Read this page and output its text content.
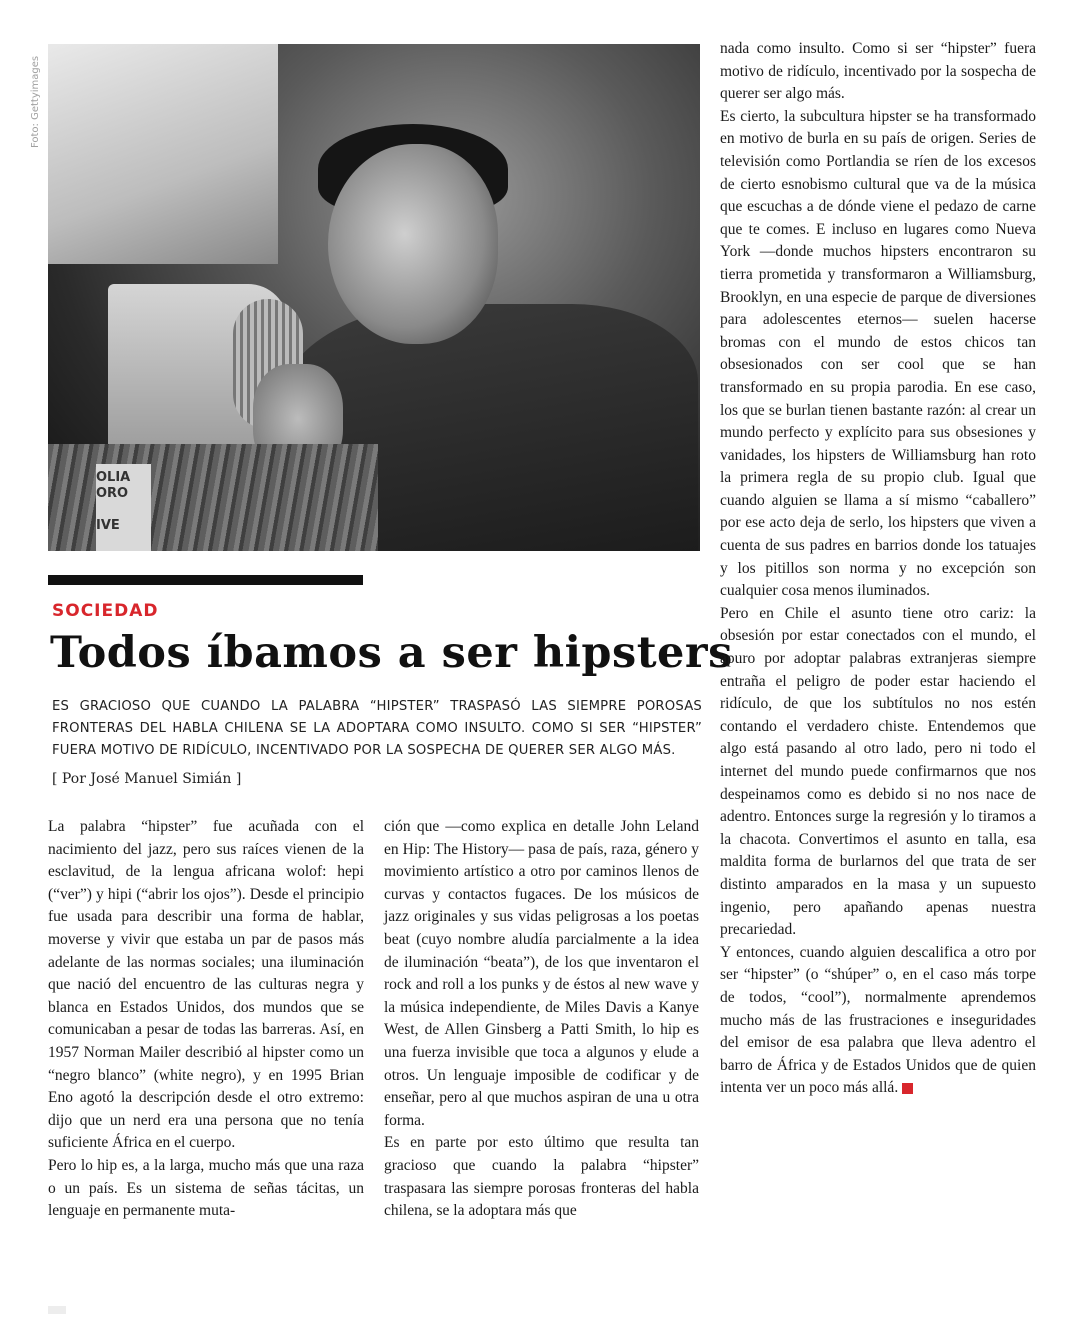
Foto: Gettyimages
OLIA
ORO

IVE
SOCIEDAD
Todos íbamos a ser hipsters
ES GRACIOSO QUE CUANDO LA PALABRA “HIPSTER” TRASPASÓ LAS SIEMPRE POROSAS FRONTERAS DEL HABLA CHILENA SE LA ADOPTARA COMO INSULTO. COMO SI SER “HIPSTER” FUERA MOTIVO DE RIDÍCULO, INCENTIVADO POR LA SOSPECHA DE QUERER SER ALGO MÁS.
[ Por José Manuel Simián ]

La palabra “hipster” fue acuñada con el nacimiento del jazz, pero sus raíces vienen de la esclavitud, de la lengua africana wolof: hepi (“ver”) y hipi (“abrir los ojos”). Desde el principio fue usada para describir una forma de hablar, moverse y vivir que estaba un par de pasos más adelante de las normas sociales; una iluminación que nació del encuentro de las culturas negra y blanca en Estados Unidos, dos mundos que se comunicaban a pesar de todas las barreras. Así, en 1957 Norman Mailer describió al hipster como un “negro blanco” (white negro), y en 1995 Brian Eno agotó la descripción desde el otro extremo: dijo que un nerd era una persona que no tenía suficiente África en el cuerpo.

Pero lo hip es, a la larga, mucho más que una raza o un país. Es un sistema de señas tácitas, un lenguaje en permanente muta-

ción que —como explica en detalle John Leland en Hip: The History— pasa de país, raza, género y movimiento artístico a otro por caminos llenos de curvas y contactos fugaces. De los músicos de jazz originales y sus vidas peligrosas a los poetas beat (cuyo nombre aludía parcialmente a la idea de iluminación “beata”), de los que inventaron el rock and roll a los punks y de éstos al new wave y la música independiente, de Miles Davis a Kanye West, de Allen Ginsberg a Patti Smith, lo hip es una fuerza invisible que toca a algunos y elude a otros. Un lenguaje imposible de codificar y de enseñar, pero al que muchos aspiran de una u otra forma.

Es en parte por esto último que resulta tan gracioso que cuando la palabra “hipster” traspasara las siempre porosas fronteras del habla chilena, se la adoptara más que

nada como insulto. Como si ser “hipster” fuera motivo de ridículo, incentivado por la sospecha de querer ser algo más.

Es cierto, la subcultura hipster se ha transformado en motivo de burla en su país de origen. Series de televisión como Portlandia se ríen de los excesos de cierto esnobismo cultural que va de la música que escuchas a de dónde viene el pedazo de carne que te comes. E incluso en lugares como Nueva York —donde muchos hipsters encontraron su tierra prometida y transformaron a Williamsburg, Brooklyn, en una especie de parque de diversiones para adolescentes eternos— suelen hacerse bromas con el mundo de estos chicos tan obsesionados con ser cool que se han transformado en su propia parodia. En ese caso, los que se burlan tienen bastante razón: al crear un mundo perfecto y explícito para sus obsesiones y vanidades, los hipsters de Williamsburg han roto la primera regla de su propio club. Igual que cuando alguien se llama a sí mismo “caballero” por ese acto deja de serlo, los hipsters que viven a cuenta de sus padres en barrios donde los tatuajes y los pitillos son norma y no excepción son cualquier cosa menos iluminados.

Pero en Chile el asunto tiene otro cariz: la obsesión por estar conectados con el mundo, el apuro por adoptar palabras extranjeras siempre entraña el peligro de poder estar haciendo el ridículo, de que los subtítulos no nos estén contando el verdadero chiste. Entendemos que algo está pasando al otro lado, pero ni todo el internet del mundo puede confirmarnos que nos despeinamos como es debido si no nos nace de adentro. Entonces surge la regresión y lo tiramos a la chacota. Convertimos el asunto en talla, esa maldita forma de burlarnos del que trata de ser distinto amparados en la masa y un supuesto ingenio, pero apañando apenas nuestra precariedad.

Y entonces, cuando alguien descalifica a otro por ser “hipster” (o “shúper” o, en el caso más torpe de todos, “cool”), normalmente aprendemos mucho más de las frustraciones e inseguridades del emisor de esa palabra que lleva adentro el barro de África y de Estados Unidos que de quien intenta ver un poco más allá.
